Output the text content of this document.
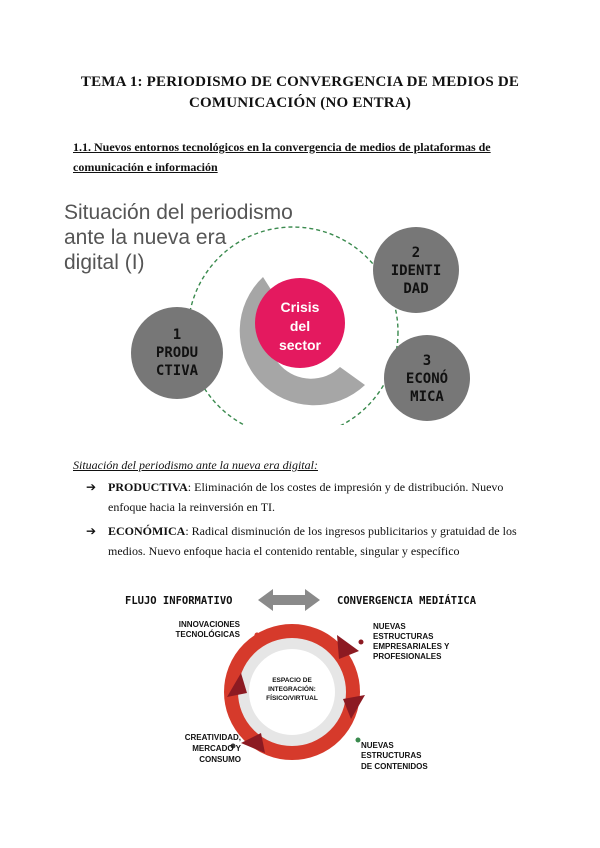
TEMA 1: PERIODISMO DE CONVERGENCIA DE MEDIOS DE
COMUNICACIÓN (NO ENTRA)
1.1. Nuevos entornos tecnológicos en la convergencia de medios de plataformas de
comunicación e información
Situación del periodismo
ante la nueva era
digital (I)
Crisis
del
sector
1
PRODU
CTIVA
2
IDENTI
DAD
3
ECONÓ
MICA
Situación del periodismo ante la nueva era digital:
➔ PRODUCTIVA: Eliminación de los costes de impresión y de distribución. Nuevo enfoque hacia la reinversión en TI.
➔ ECONÓMICA: Radical disminución de los ingresos publicitarios y gratuidad de los medios. Nuevo enfoque hacia el contenido rentable, singular y específico
FLUJO INFORMATIVO	CONVERGENCIA MEDIÁTICA
ESPACIO DE
INTEGRACIÓN:
FÍSICO/VIRTUAL
INNOVACIONES
TECNOLÓGICAS
NUEVAS
ESTRUCTURAS
EMPRESARIALES Y
PROFESIONALES
CREATIVIDAD,
MERCADO Y
CONSUMO
NUEVAS
ESTRUCTURAS
DE CONTENIDOS
